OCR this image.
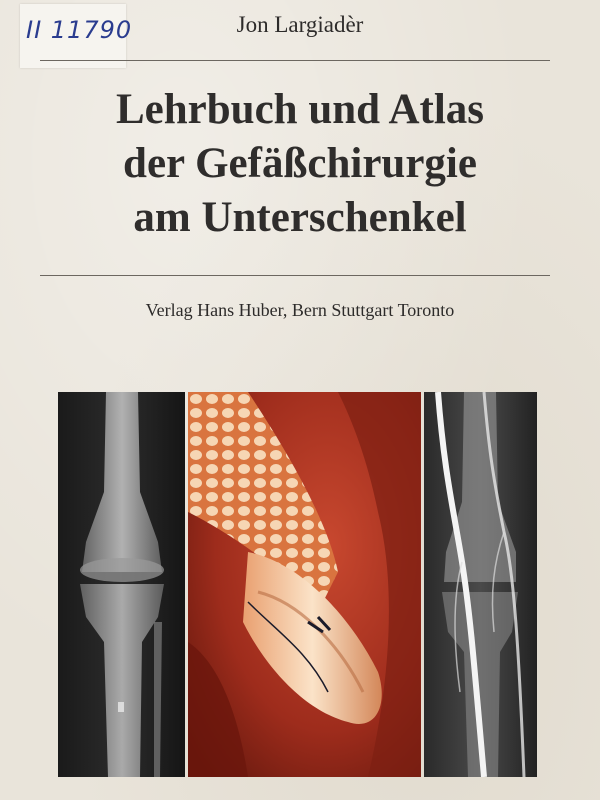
II 11790	Jon Largiadèr
Lehrbuch und Atlas
der Gefäßchirurgie
am Unterschenkel
Verlag Hans Huber, Bern Stuttgart Toronto
